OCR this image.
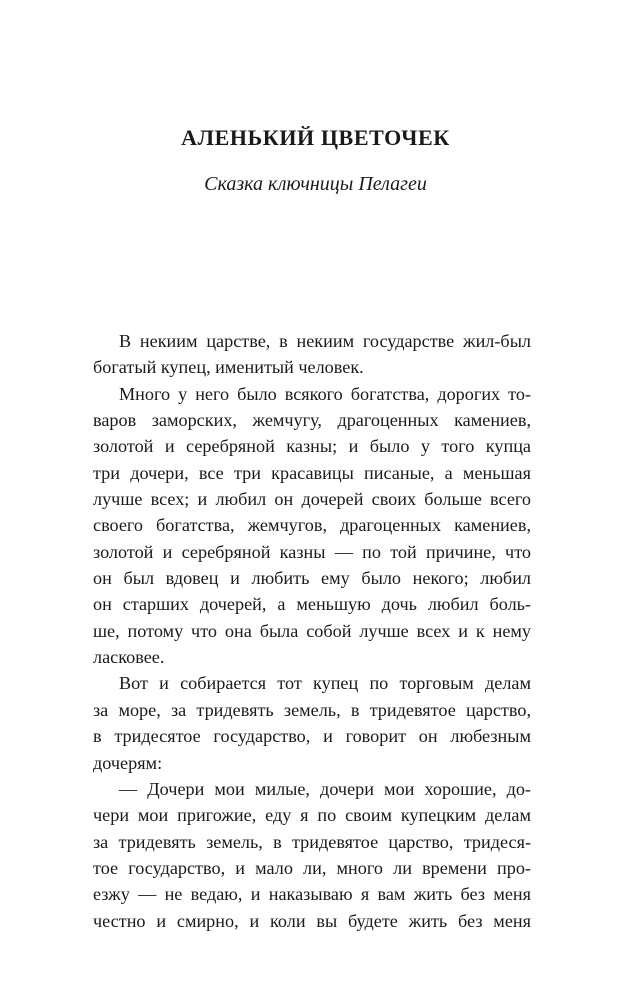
АЛЕНЬКИЙ ЦВЕТОЧЕК
Сказка ключницы Пелагеи

В некиим царстве, в некиим государстве жил-был
богатый купец, именитый человек.

Много у него было всякого богатства, дорогих то-
варов заморских, жемчугу, драгоценных камениев,
золотой и серебряной казны; и было у того купца
три дочери, все три красавицы писаные, а меньшая
лучше всех; и любил он дочерей своих больше всего
своего богатства, жемчугов, драгоценных камениев,
золотой и серебряной казны — по той причине, что
он был вдовец и любить ему было некого; любил
он старших дочерей, а меньшую дочь любил боль-
ше, потому что она была собой лучше всех и к нему
ласковее.

Вот и собирается тот купец по торговым делам
за море, за тридевять земель, в тридевятое царство,
в тридесятое государство, и говорит он любезным
дочерям:

— Дочери мои милые, дочери мои хорошие, до-
чери мои пригожие, еду я по своим купецким делам
за тридевять земель, в тридевятое царство, тридеся-
тое государство, и мало ли, много ли времени про-
езжу — не ведаю, и наказываю я вам жить без меня
честно и смирно, и коли вы будете жить без меня
